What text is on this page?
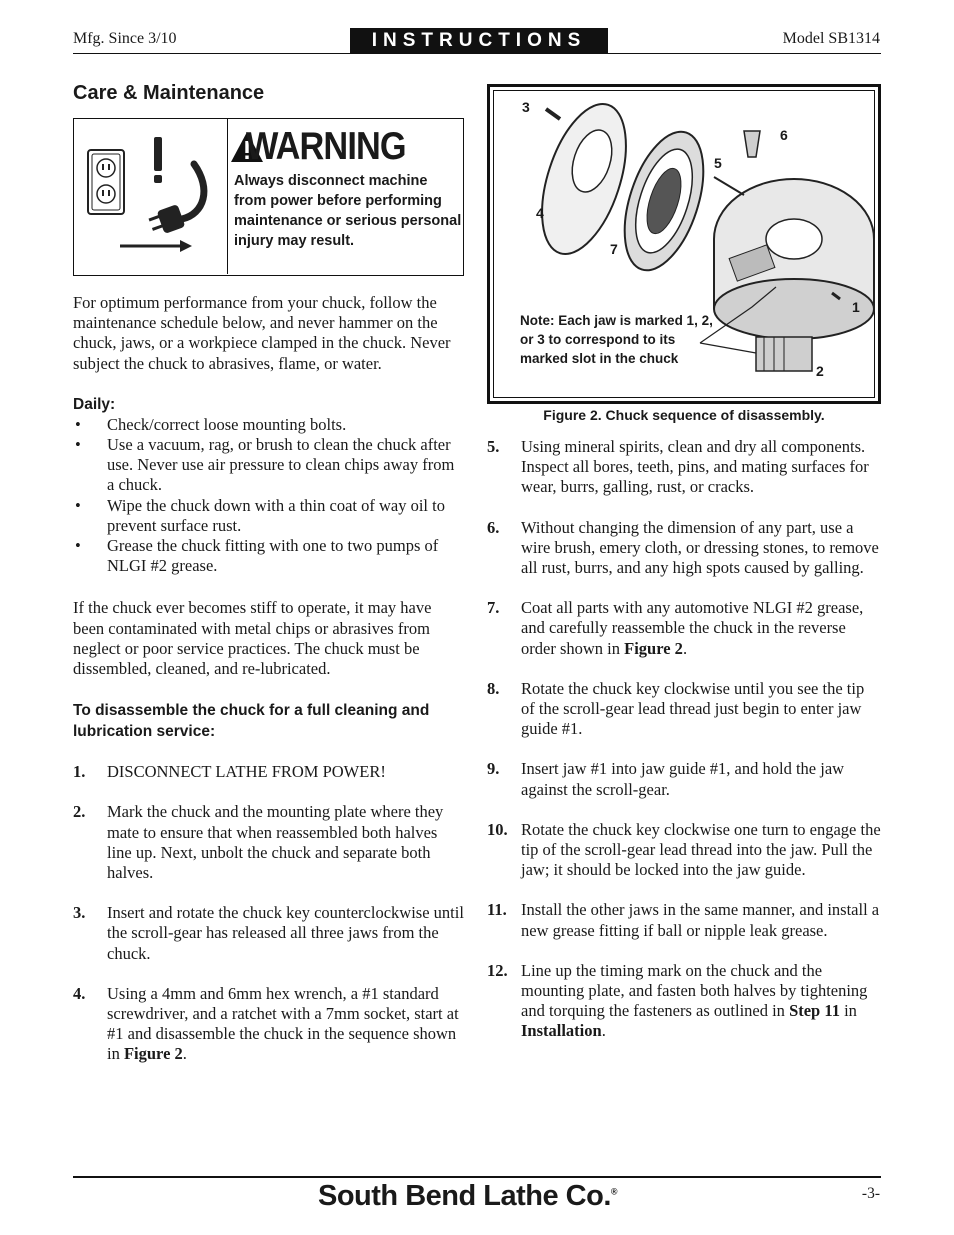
Mfg. Since 3/10	INSTRUCTIONS	Model SB1314
Care & Maintenance
WARNING
Always disconnect machine from power before performing maintenance or serious personal injury may result.

For optimum performance from your chuck, follow the maintenance schedule below, and never hammer on the chuck, jaws, or a workpiece clamped in the chuck. Never subject the chuck to abrasives, flame, or water.

Daily:

• Check/correct loose mounting bolts.
• Use a vacuum, rag, or brush to clean the chuck after use. Never use air pressure to clean chips away from a chuck.
• Wipe the chuck down with a thin coat of way oil to prevent surface rust.
• Grease the chuck fitting with one to two pumps of NLGI #2 grease.

If the chuck ever becomes stiff to operate, it may have been contaminated with metal chips or abrasives from neglect or poor service practices. The chuck must be dissembled, cleaned, and re-lubricated.

To disassemble the chuck for a full cleaning and lubrication service:

1. DISCONNECT LATHE FROM POWER!
2. Mark the chuck and the mounting plate where they mate to ensure that when reassembled both halves line up. Next, unbolt the chuck and separate both halves.
3. Insert and rotate the chuck key counterclockwise until the scroll-gear has released all three jaws from the chuck.
4. Using a 4mm and 6mm hex wrench, a #1 standard screwdriver, and a ratchet with a 7mm socket, start at #1 and disassemble the chuck in the sequence shown in Figure 2.
3
6
5
4
7
1
2
Note: Each jaw is marked 1, 2, or 3 to correspond to its marked slot in the chuck
Figure 2. Chuck sequence of disassembly.
5. Using mineral spirits, clean and dry all components. Inspect all bores, teeth, pins, and mating surfaces for wear, burrs, galling, rust, or cracks.
6. Without changing the dimension of any part, use a wire brush, emery cloth, or dressing stones, to remove all rust, burrs, and any high spots caused by galling.
7. Coat all parts with any automotive NLGI #2 grease, and carefully reassemble the chuck in the reverse order shown in Figure 2.
8. Rotate the chuck key clockwise until you see the tip of the scroll-gear lead thread just begin to enter jaw guide #1.
9. Insert jaw #1 into jaw guide #1, and hold the jaw against the scroll-gear.
10. Rotate the chuck key clockwise one turn to engage the tip of the scroll-gear lead thread into the jaw. Pull the jaw; it should be locked into the jaw guide.
11. Install the other jaws in the same manner, and install a new grease fitting if ball or nipple leak grease.
12. Line up the timing mark on the chuck and the mounting plate, and fasten both halves by tightening and torquing the fasteners as outlined in Step 11 in Installation.
South Bend Lathe Co.®	-3-
